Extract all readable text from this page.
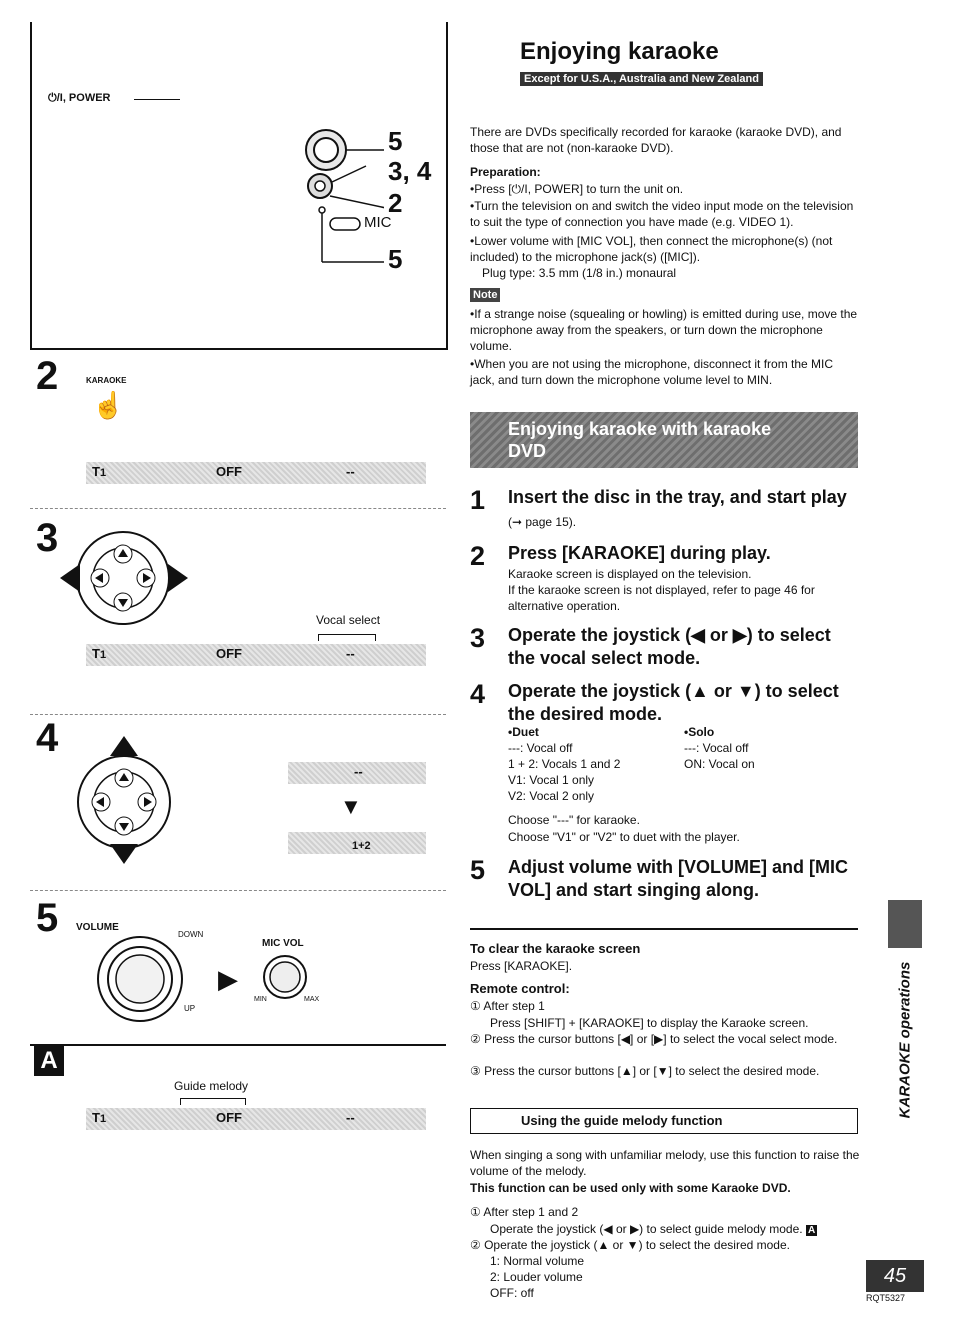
⏻/I, POWER
5
3, 4
2
MIC
5
2	KARAOKE
☝
T1	OFF	--
3
Vocal select
T1	OFF	--
4
--
▼
1+2
5 VOLUME
DOWN
UP
▶
MIC VOL
MIN	MAX
A
Guide melody
T1	OFF	--
Enjoying karaoke
Except for U.S.A., Australia and New Zealand
There are DVDs specifically recorded for karaoke (karaoke DVD), and those that are not (non-karaoke DVD).
Preparation:
• Press [⏻/I, POWER] to turn the unit on.
• Turn the television on and switch the video input mode on the television to suit the type of connection you have made (e.g. VIDEO 1).
• Lower volume with [MIC VOL], then connect the microphone(s) (not included) to the microphone jack(s) ([MIC]).
Plug type: 3.5 mm (1/8 in.) monaural
Note
• If a strange noise (squealing or howling) is emitted during use, move the microphone away from the speakers, or turn down the microphone volume.
• When you are not using the microphone, disconnect it from the MIC jack, and turn down the microphone volume level to MIN.
Enjoying karaoke with karaoke DVD
1 Insert the disc in the tray, and start play (➞ page 15).
2 Press [KARAOKE] during play.
Karaoke screen is displayed on the television.
If the karaoke screen is not displayed, refer to page 46 for alternative operation.
3 Operate the joystick (◀ or ▶) to select the vocal select mode.
4 Operate the joystick (▲ or ▼) to select the desired mode.
• Duet
---: Vocal off
1 + 2: Vocals 1 and 2
V1: Vocal 1 only
V2: Vocal 2 only
• Solo
---: Vocal off
ON: Vocal on
Choose "---" for karaoke.
Choose "V1" or "V2" to duet with the player.
5 Adjust volume with [VOLUME] and [MIC VOL] and start singing along.
To clear the karaoke screen
Press [KARAOKE].
Remote control:
① After step 1
Press [SHIFT] + [KARAOKE] to display the Karaoke screen.
② Press the cursor buttons [◀] or [▶] to select the vocal select mode.
③ Press the cursor buttons [▲] or [▼] to select the desired mode.
Using the guide melody function
When singing a song with unfamiliar melody, use this function to raise the volume of the melody.
This function can be used only with some Karaoke DVD.
① After step 1 and 2
Operate the joystick (◀ or ▶) to select guide melody mode. A
② Operate the joystick (▲ or ▼) to select the desired mode.
1: Normal volume
2: Louder volume
OFF: off
KARAOKE operations
45
RQT5327
